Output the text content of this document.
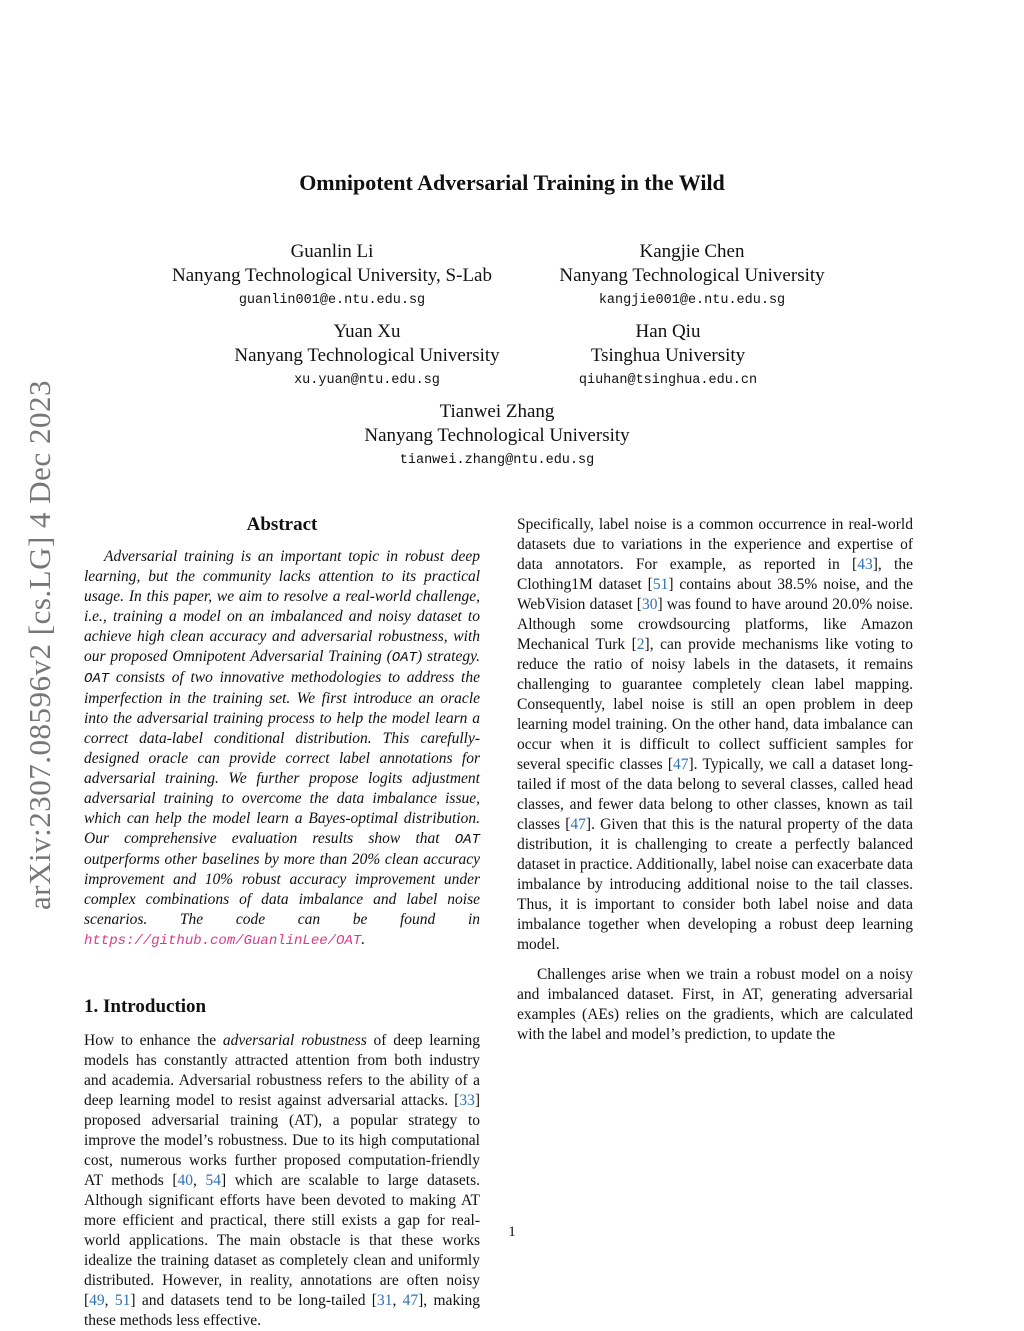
arXiv:2307.08596v2 [cs.LG] 4 Dec 2023
Omnipotent Adversarial Training in the Wild
Guanlin Li
Nanyang Technological University, S-Lab
guanlin001@e.ntu.edu.sg
Kangjie Chen
Nanyang Technological University
kangjie001@e.ntu.edu.sg
Yuan Xu
Nanyang Technological University
xu.yuan@ntu.edu.sg
Han Qiu
Tsinghua University
qiuhan@tsinghua.edu.cn
Tianwei Zhang
Nanyang Technological University
tianwei.zhang@ntu.edu.sg
Abstract

Adversarial training is an important topic in robust deep learning, but the community lacks attention to its practical usage. In this paper, we aim to resolve a real-world challenge, i.e., training a model on an imbalanced and noisy dataset to achieve high clean accuracy and adversarial robustness, with our proposed Omnipotent Adversarial Training (OAT) strategy. OAT consists of two innovative methodologies to address the imperfection in the training set. We first introduce an oracle into the adversarial training process to help the model learn a correct data-label conditional distribution. This carefully-designed oracle can provide correct label annotations for adversarial training. We further propose logits adjustment adversarial training to overcome the data imbalance issue, which can help the model learn a Bayes-optimal distribution. Our comprehensive evaluation results show that OAT outperforms other baselines by more than 20% clean accuracy improvement and 10% robust accuracy improvement under complex combinations of data imbalance and label noise scenarios. The code can be found in https://github.com/GuanlinLee/OAT.

1. Introduction

How to enhance the adversarial robustness of deep learning models has constantly attracted attention from both industry and academia. Adversarial robustness refers to the ability of a deep learning model to resist against adversarial attacks. [33] proposed adversarial training (AT), a popular strategy to improve the model’s robustness. Due to its high computational cost, numerous works further proposed computation-friendly AT methods [40, 54] which are scalable to large datasets. Although significant efforts have been devoted to making AT more efficient and practical, there still exists a gap for real-world applications. The main obstacle is that these works idealize the training dataset as completely clean and uniformly distributed. However, in reality, annotations are often noisy [49, 51] and datasets tend to be long-tailed [31, 47], making these methods less effective.

Specifically, label noise is a common occurrence in real-world datasets due to variations in the experience and expertise of data annotators. For example, as reported in [43], the Clothing1M dataset [51] contains about 38.5% noise, and the WebVision dataset [30] was found to have around 20.0% noise. Although some crowdsourcing platforms, like Amazon Mechanical Turk [2], can provide mechanisms like voting to reduce the ratio of noisy labels in the datasets, it remains challenging to guarantee completely clean label mapping. Consequently, label noise is still an open problem in deep learning model training. On the other hand, data imbalance can occur when it is difficult to collect sufficient samples for several specific classes [47]. Typically, we call a dataset long-tailed if most of the data belong to several classes, called head classes, and fewer data belong to other classes, known as tail classes [47]. Given that this is the natural property of the data distribution, it is challenging to create a perfectly balanced dataset in practice. Additionally, label noise can exacerbate data imbalance by introducing additional noise to the tail classes. Thus, it is important to consider both label noise and data imbalance together when developing a robust deep learning model.

Challenges arise when we train a robust model on a noisy and imbalanced dataset. First, in AT, generating adversarial examples (AEs) relies on the gradients, which are calculated with the label and model’s prediction, to update the

1
